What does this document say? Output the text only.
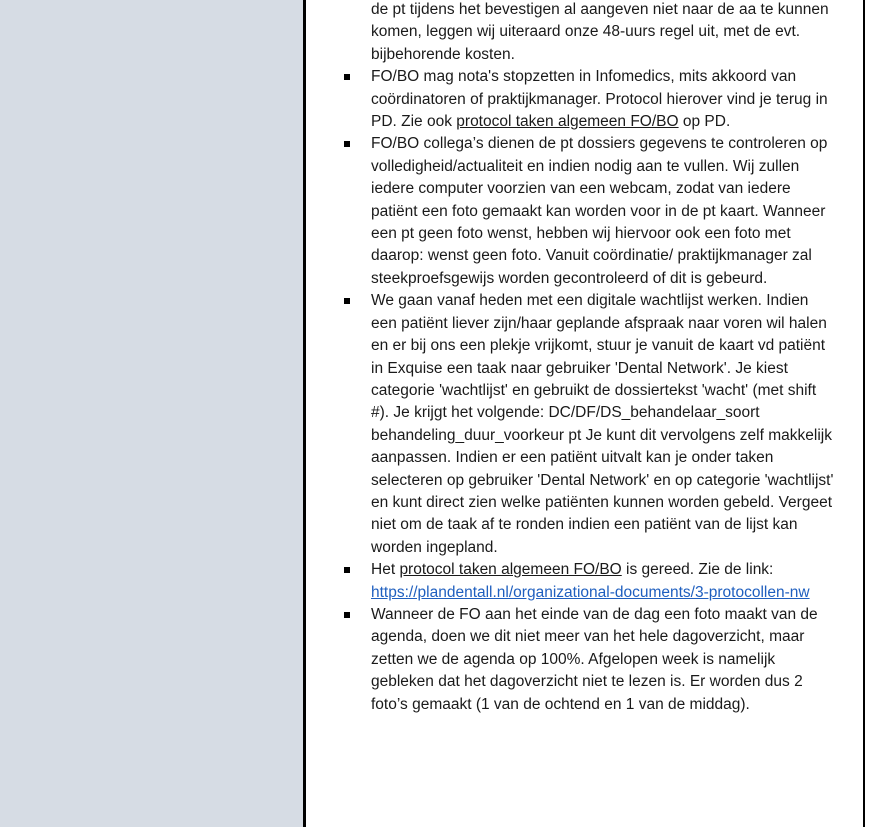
de pt tijdens het bevestigen al aangeven niet naar de aa te kunnen komen, leggen wij uiteraard onze 48-uurs regel uit, met de evt. bijbehorende kosten.
FO/BO mag nota's stopzetten in Infomedics, mits akkoord van coördinatoren of praktijkmanager. Protocol hierover vind je terug in PD. Zie ook protocol taken algemeen FO/BO op PD.
FO/BO collega’s dienen de pt dossiers gegevens te controleren op volledigheid/actualiteit en indien nodig aan te vullen. Wij zullen iedere computer voorzien van een webcam, zodat van iedere patiënt een foto gemaakt kan worden voor in de pt kaart. Wanneer een pt geen foto wenst, hebben wij hiervoor ook een foto met daarop: wenst geen foto. Vanuit coördinatie/ praktijkmanager zal steekproefsgewijs worden gecontroleerd of dit is gebeurd.
We gaan vanaf heden met een digitale wachtlijst werken. Indien een patiënt liever zijn/haar geplande afspraak naar voren wil halen en er bij ons een plekje vrijkomt, stuur je vanuit de kaart vd patiënt in Exquise een taak naar gebruiker 'Dental Network'. Je kiest categorie 'wachtlijst' en gebruikt de dossiertekst 'wacht' (met shift #). Je krijgt het volgende: DC/DF/DS_behandelaar_soort behandeling_duur_voorkeur pt Je kunt dit vervolgens zelf makkelijk aanpassen. Indien er een patiënt uitvalt kan je onder taken selecteren op gebruiker 'Dental Network' en op categorie 'wachtlijst' en kunt direct zien welke patiënten kunnen worden gebeld. Vergeet niet om de taak af te ronden indien een patiënt van de lijst kan worden ingepland.
Het protocol taken algemeen FO/BO is gereed. Zie de link: https://plandentall.nl/organizational-documents/3-protocollen-nw
Wanneer de FO aan het einde van de dag een foto maakt van de agenda, doen we dit niet meer van het hele dagoverzicht, maar zetten we de agenda op 100%. Afgelopen week is namelijk gebleken dat het dagoverzicht niet te lezen is. Er worden dus 2 foto’s gemaakt (1 van de ochtend en 1 van de middag).
